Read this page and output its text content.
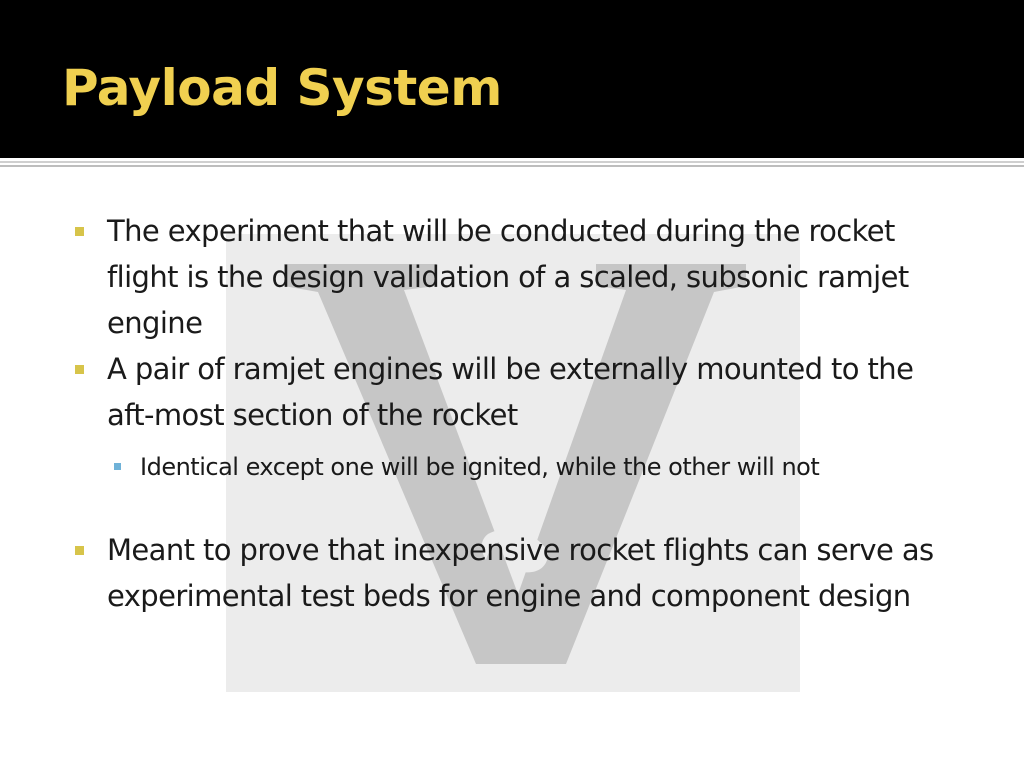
Payload System
The experiment that will be conducted during the rocket flight is the design validation of a scaled, subsonic ramjet engine
A pair of ramjet engines will be externally mounted to the aft-most section of the rocket
Identical except one will be ignited, while the other will not
Meant to prove that inexpensive rocket flights can serve as experimental test beds for engine and component design
